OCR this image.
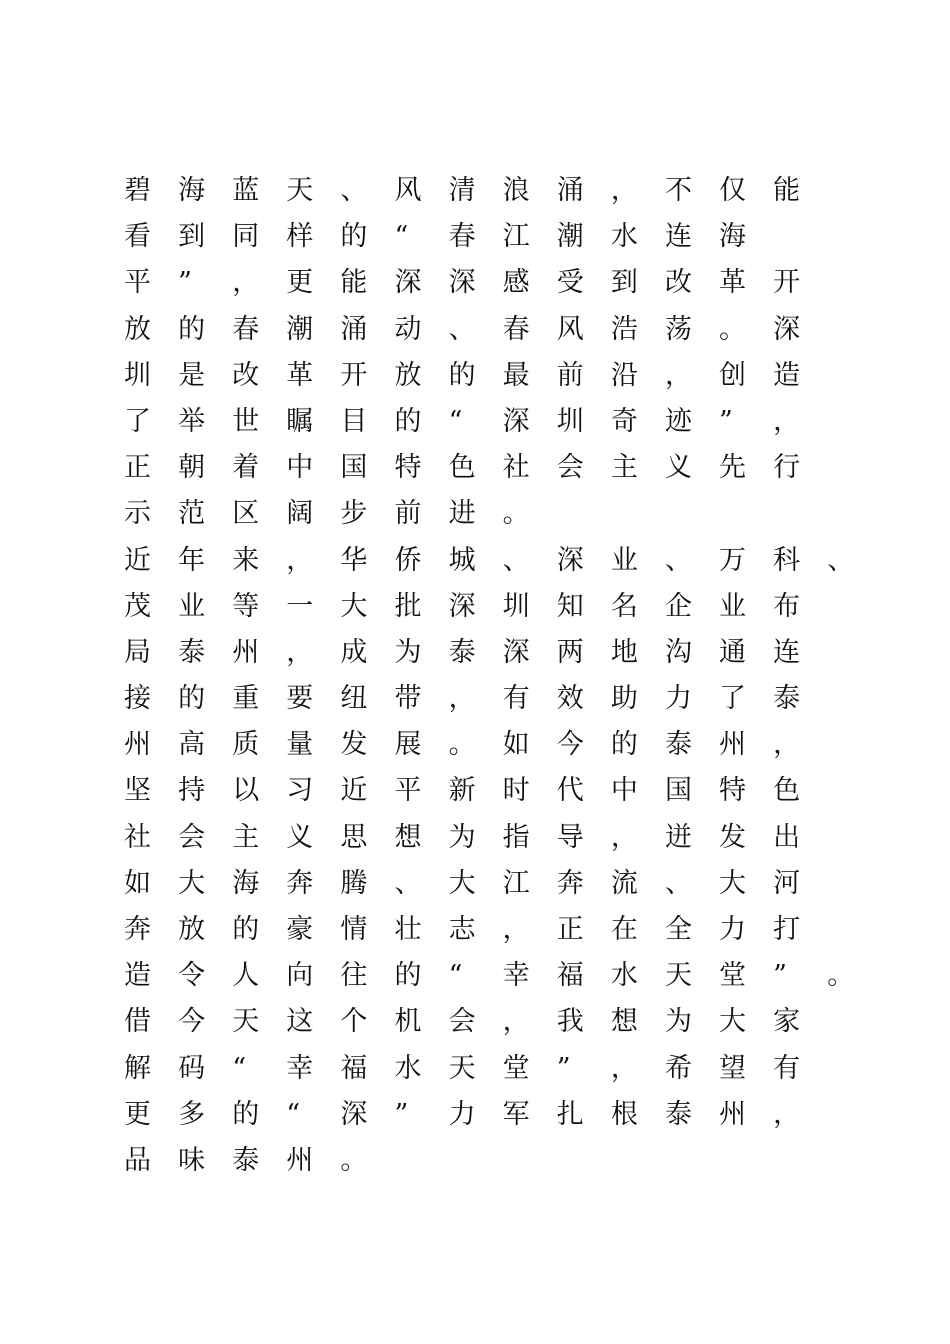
碧 海 蓝 天 、 风 清 浪 涌 ， 不 仅 能
看 到 同 样 的 “ 春 江 潮 水 连 海
平 ” ， 更 能 深 深 感 受 到 改 革 开
放 的 春 潮 涌 动 、 春 风 浩 荡 。 深
圳 是 改 革 开 放 的 最 前 沿 ， 创 造
了 举 世 瞩 目 的 “ 深 圳 奇 迹 ” ，
正 朝 着 中 国 特 色 社 会 主 义 先 行
示 范 区 阔 步 前 进 。
近 年 来 ， 华 侨 城 、 深 业 、 万 科 、
茂 业 等 一 大 批 深 圳 知 名 企 业 布
局 泰 州 ， 成 为 泰 深 两 地 沟 通 连
接 的 重 要 纽 带 ， 有 效 助 力 了 泰
州 高 质 量 发 展 。 如 今 的 泰 州 ，
坚 持 以 习 近 平 新 时 代 中 国 特 色
社 会 主 义 思 想 为 指 导 ， 迸 发 出
如 大 海 奔 腾 、 大 江 奔 流 、 大 河
奔 放 的 豪 情 壮 志 ， 正 在 全 力 打
造 令 人 向 往 的 “ 幸 福 水 天 堂 ” 。
借 今 天 这 个 机 会 ， 我 想 为 大 家
解 码 “ 幸 福 水 天 堂 ” ， 希 望 有
更 多 的 “ 深 ” 力 军 扎 根 泰 州 ，
品 味 泰 州 。
